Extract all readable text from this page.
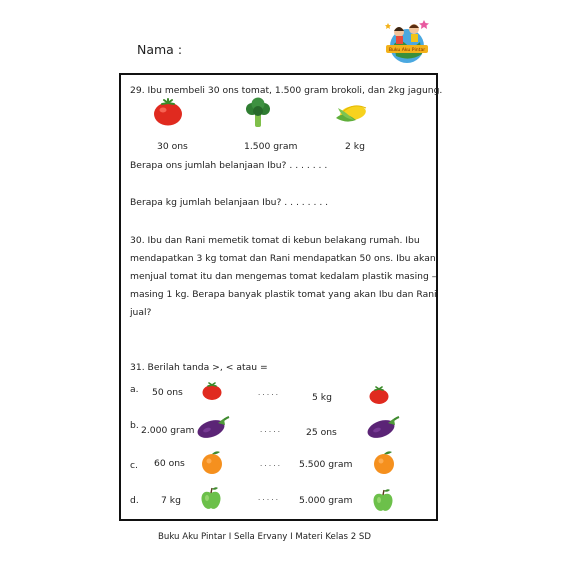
Nama :	Buku Aku Pintar
29. Ibu membeli 30 ons tomat, 1.500 gram brokoli, dan 2kg jagung.
30 ons	1.500 gram	2 kg
Berapa ons jumlah belanjaan Ibu? . . . . . . .
Berapa kg jumlah belanjaan Ibu? . . . . . . . .
30. Ibu dan Rani memetik tomat di kebun belakang rumah. Ibu
mendapatkan 3 kg tomat dan Rani mendapatkan 50 ons. Ibu akan
menjual tomat itu dan mengemas tomat kedalam plastik masing –
masing 1 kg. Berapa banyak plastik tomat yang akan Ibu dan Rani
jual?
31. Berilah tanda >, < atau =
a. 50 ons	. . . . .	5 kg
b. 2.000 gram	. . . . .	25 ons
c. 60 ons	. . . . . 5.500 gram
d. 7 kg	. . . . . 5.000 gram
Buku Aku Pintar I Sella Ervany I Materi Kelas 2 SD
